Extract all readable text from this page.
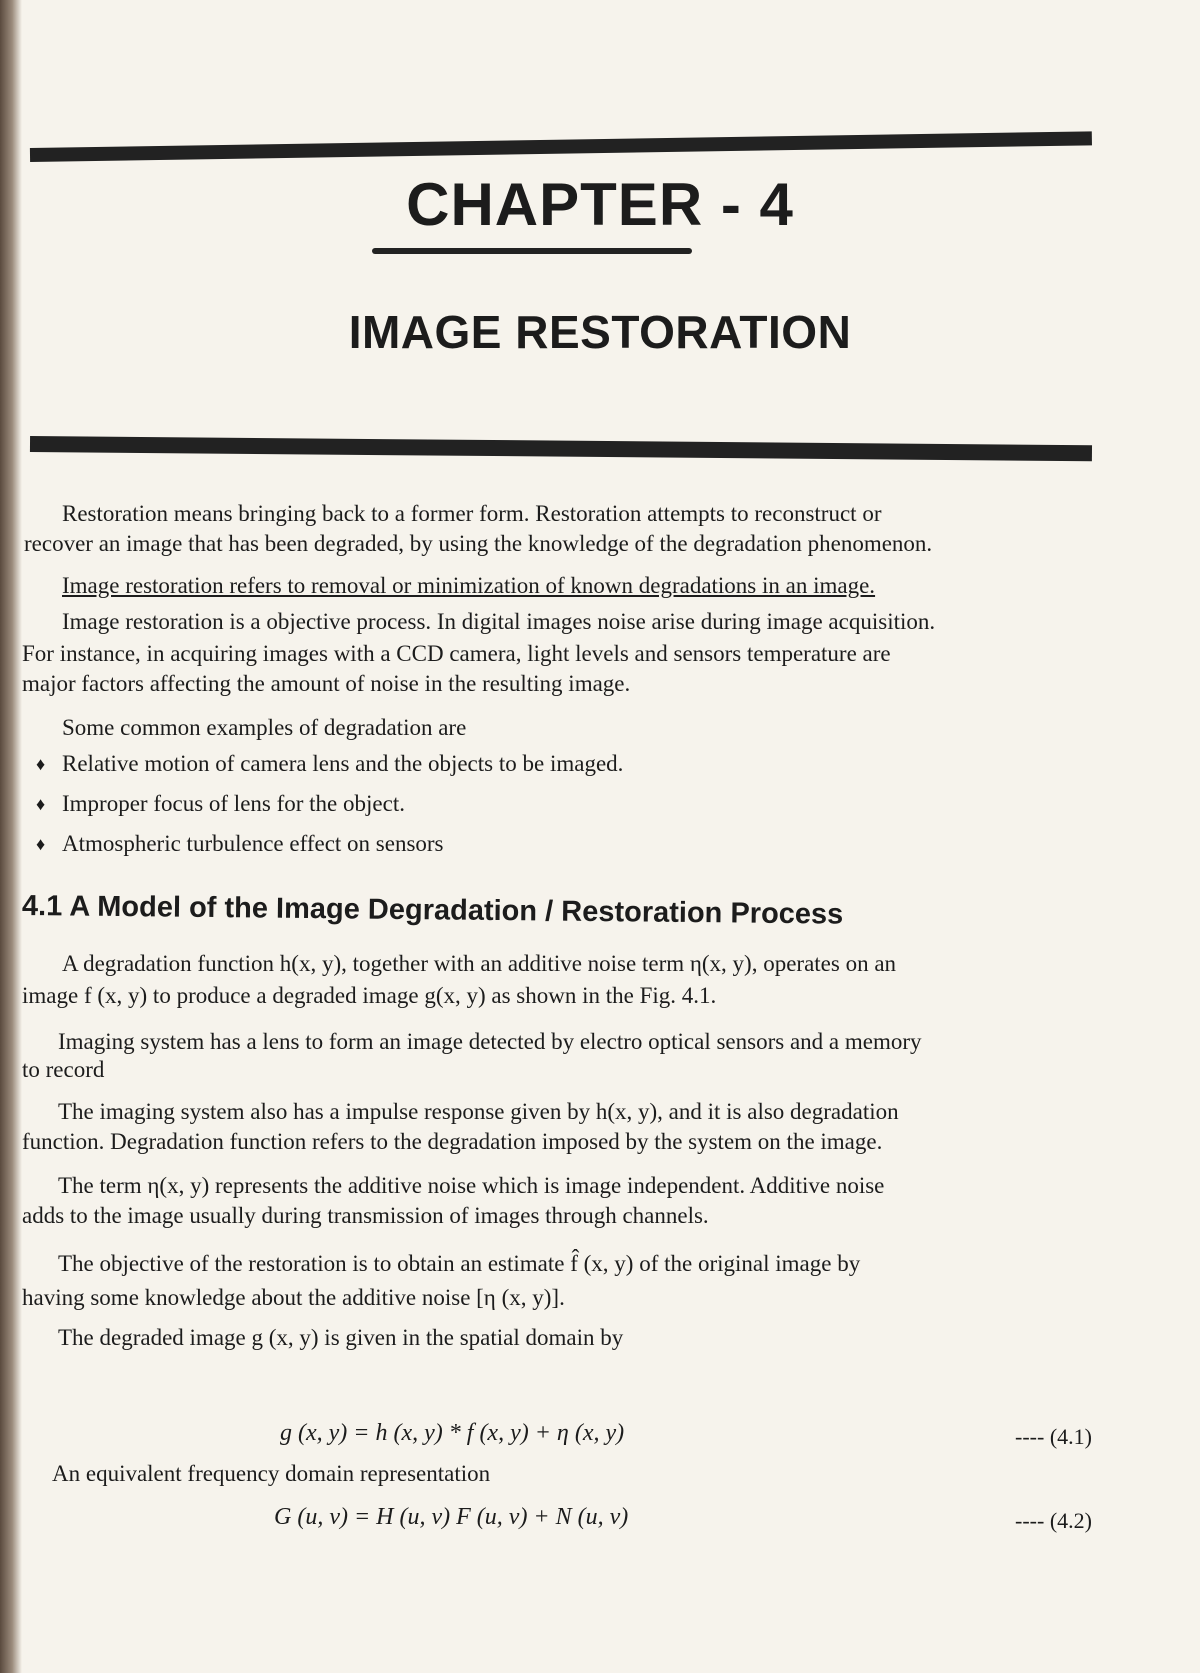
CHAPTER - 4
IMAGE RESTORATION
Restoration means bringing back to a former form. Restoration attempts to reconstruct or
recover an image that has been degraded, by using the knowledge of the degradation phenomenon.
Image restoration refers to removal or minimization of known degradations in an image.
Image restoration is a objective process. In digital images noise arise during image acquisition.
For instance, in acquiring images with a CCD camera, light levels and sensors temperature are
major factors affecting the amount of noise in the resulting image.
Some common examples of degradation are
♦ Relative motion of camera lens and the objects to be imaged.
♦ Improper focus of lens for the object.
♦ Atmospheric turbulence effect on sensors
4.1 A Model of the Image Degradation / Restoration Process
A degradation function h(x, y), together with an additive noise term η(x, y), operates on an
image f (x, y) to produce a degraded image g(x, y) as shown in the Fig. 4.1.
Imaging system has a lens to form an image detected by electro optical sensors and a memory
to record
The imaging system also has a impulse response given by h(x, y), and it is also degradation
function. Degradation function refers to the degradation imposed by the system on the image.
The term η(x, y) represents the additive noise which is image independent. Additive noise
adds to the image usually during transmission of images through channels.
The objective of the restoration is to obtain an estimate f̂ (x, y) of the original image by
having some knowledge about the additive noise [η (x, y)].
The degraded image g (x, y) is given in the spatial domain by
g (x, y) = h (x, y) * f (x, y) + η (x, y)	---- (4.1)
An equivalent frequency domain representation
G (u, v) = H (u, v) F (u, v) + N (u, v)	---- (4.2)
